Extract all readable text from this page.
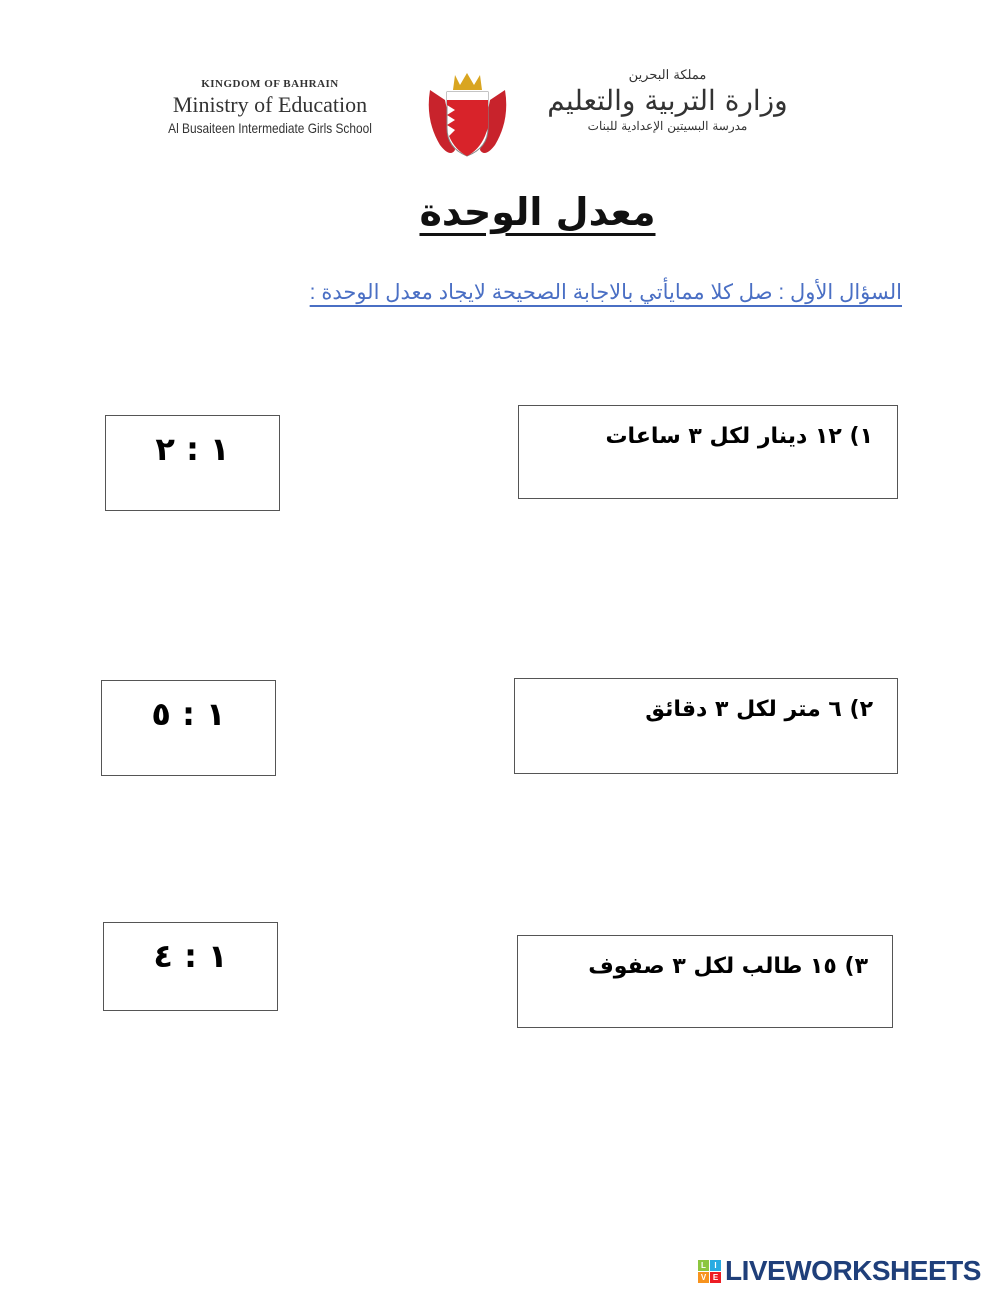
KINGDOM OF BAHRAIN
Ministry of Education
Al Busaiteen Intermediate Girls School
مملكة البحرين
وزارة التربية والتعليم
مدرسة البسيتين الإعدادية للبنات
معدل الوحدة
السؤال الأول : صل كلا ممايأتي بالاجابة الصحيحة لايجاد معدل الوحدة :
١) ١٢ دينار لكل ٣ ساعات
٢) ٦ متر لكل ٣ دقائق
٣) ١٥ طالب لكل ٣ صفوف
١ : ٢
١ : ٥
١ : ٤
L	I
V E LIVEWORKSHEETS
